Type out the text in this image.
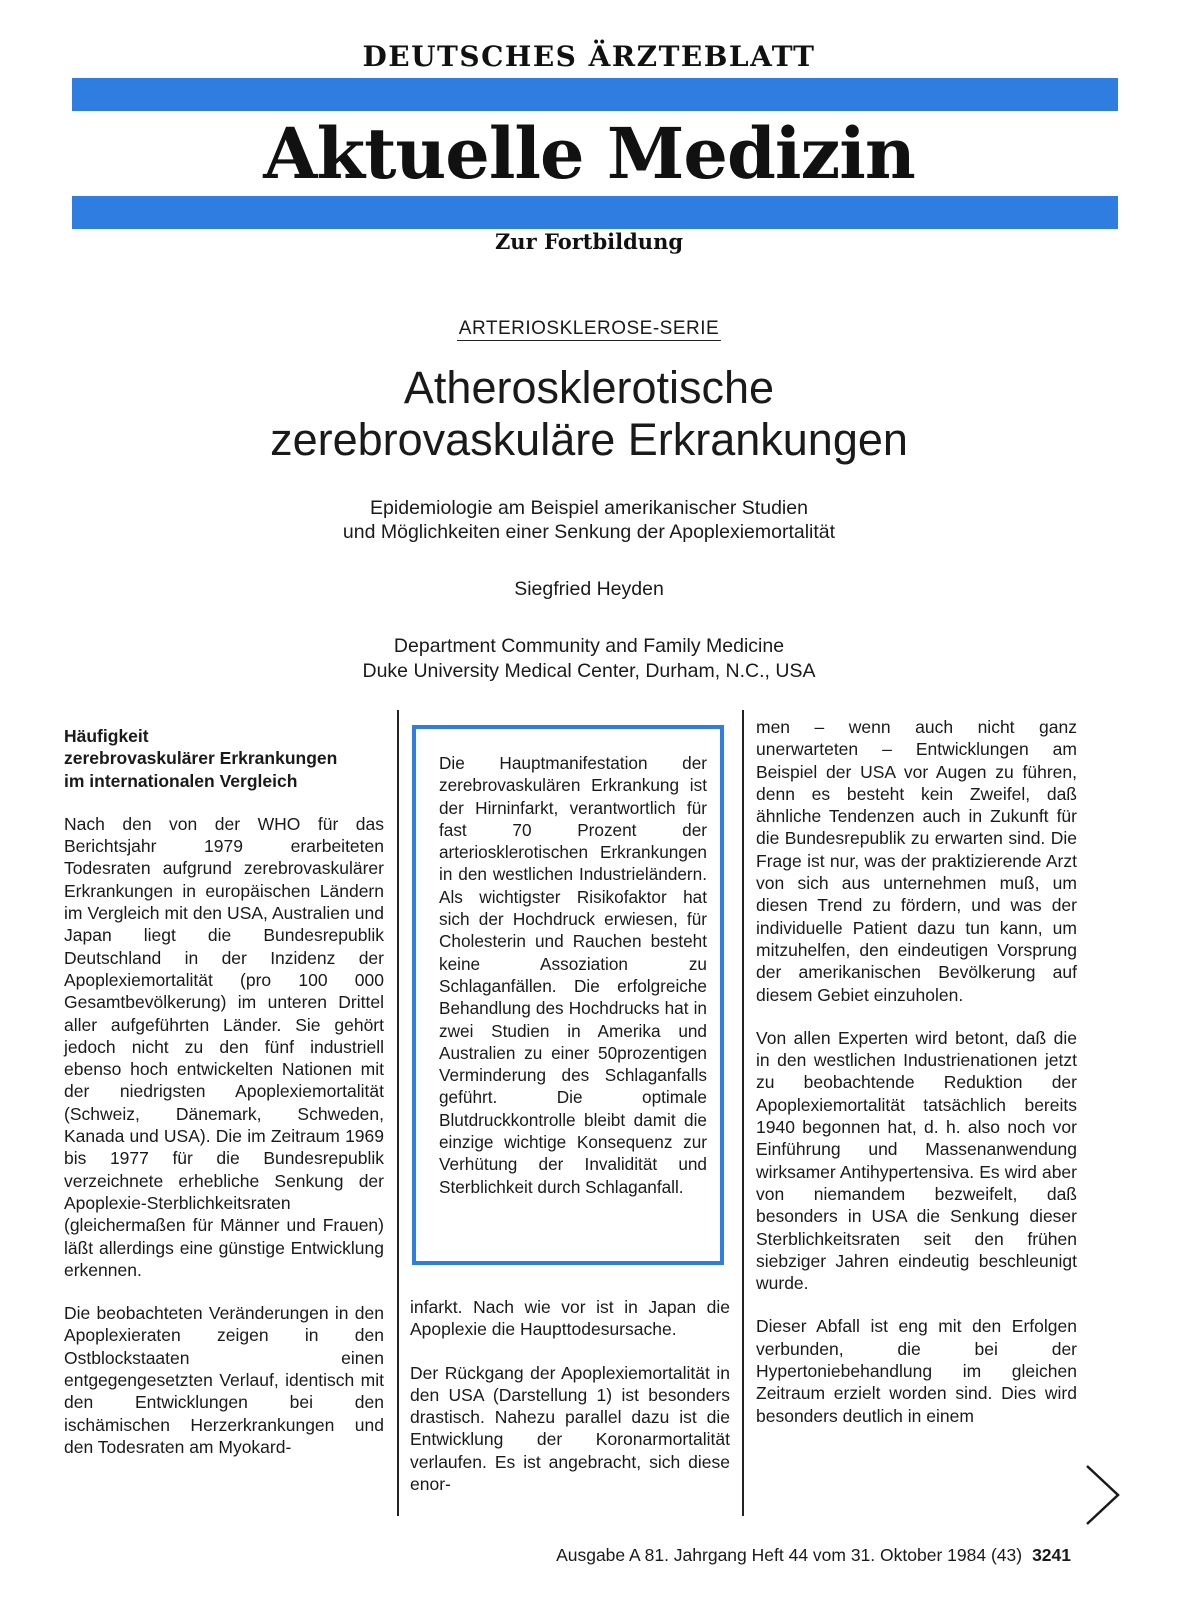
DEUTSCHES ÄRZTEBLATT
Aktuelle Medizin
Zur Fortbildung
ARTERIOSKLEROSE-SERIE
Atherosklerotische
zerebrovaskuläre Erkrankungen
Epidemiologie am Beispiel amerikanischer Studien
und Möglichkeiten einer Senkung der Apoplexiemortalität
Siegfried Heyden
Department Community and Family Medicine
Duke University Medical Center, Durham, N.C., USA
Häufigkeit
zerebrovaskulärer Erkrankungen
im internationalen Vergleich

Nach den von der WHO für das Berichtsjahr 1979 erarbeiteten Todesraten aufgrund zerebrovaskulärer Erkrankungen in europäischen Ländern im Vergleich mit den USA, Australien und Japan liegt die Bundesrepublik Deutschland in der Inzidenz der Apoplexiemortalität (pro 100 000 Gesamtbevölkerung) im unteren Drittel aller aufgeführten Länder. Sie gehört jedoch nicht zu den fünf industriell ebenso hoch entwickelten Nationen mit der niedrigsten Apoplexiemortalität (Schweiz, Dänemark, Schweden, Kanada und USA). Die im Zeitraum 1969 bis 1977 für die Bundesrepublik verzeichnete erhebliche Senkung der Apoplexie-Sterblichkeitsraten (gleichermaßen für Männer und Frauen) läßt allerdings eine günstige Entwicklung erkennen.

Die beobachteten Veränderungen in den Apoplexieraten zeigen in den Ostblockstaaten einen entgegengesetzten Verlauf, identisch mit den Entwicklungen bei den ischämischen Herzerkrankungen und den Todesraten am Myokard-

Die Hauptmanifestation der zerebrovaskulären Erkrankung ist der Hirninfarkt, verantwortlich für fast 70 Prozent der arteriosklerotischen Erkrankungen in den westlichen Industrieländern. Als wichtigster Risikofaktor hat sich der Hochdruck erwiesen, für Cholesterin und Rauchen besteht keine Assoziation zu Schlaganfällen. Die erfolgreiche Behandlung des Hochdrucks hat in zwei Studien in Amerika und Australien zu einer 50prozentigen Verminderung des Schlaganfalls geführt. Die optimale Blutdruckkontrolle bleibt damit die einzige wichtige Konsequenz zur Verhütung der Invalidität und Sterblichkeit durch Schlaganfall.

infarkt. Nach wie vor ist in Japan die Apoplexie die Haupttodesursache.

Der Rückgang der Apoplexiemortalität in den USA (Darstellung 1) ist besonders drastisch. Nahezu parallel dazu ist die Entwicklung der Koronarmortalität verlaufen. Es ist angebracht, sich diese enor-

men – wenn auch nicht ganz unerwarteten – Entwicklungen am Beispiel der USA vor Augen zu führen, denn es besteht kein Zweifel, daß ähnliche Tendenzen auch in Zukunft für die Bundesrepublik zu erwarten sind. Die Frage ist nur, was der praktizierende Arzt von sich aus unternehmen muß, um diesen Trend zu fördern, und was der individuelle Patient dazu tun kann, um mitzuhelfen, den eindeutigen Vorsprung der amerikanischen Bevölkerung auf diesem Gebiet einzuholen.

Von allen Experten wird betont, daß die in den westlichen Industrienationen jetzt zu beobachtende Reduktion der Apoplexiemortalität tatsächlich bereits 1940 begonnen hat, d. h. also noch vor Einführung und Massenanwendung wirksamer Antihypertensiva. Es wird aber von niemandem bezweifelt, daß besonders in USA die Senkung dieser Sterblichkeitsraten seit den frühen siebziger Jahren eindeutig beschleunigt wurde.

Dieser Abfall ist eng mit den Erfolgen verbunden, die bei der Hypertoniebehandlung im gleichen Zeitraum erzielt worden sind. Dies wird besonders deutlich in einem

Ausgabe A 81. Jahrgang Heft 44 vom 31. Oktober 1984 (43) 3241
